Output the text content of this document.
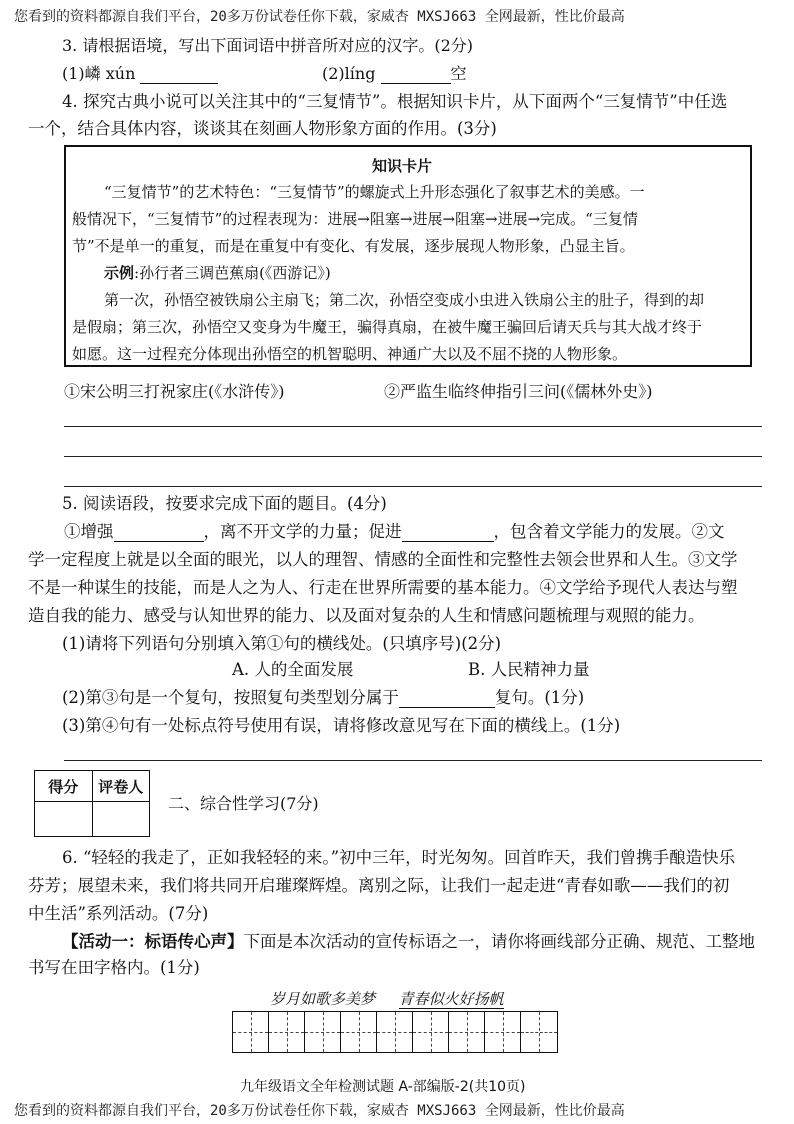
您看到的资料都源自我们平台，20多万份试卷任你下载，家威杏 MXSJ663 全网最新，性比价最高
3. 请根据语境，写出下面词语中拼音所对应的汉字。(2分)
(1)嶙 xún	(2)líng	空
4. 探究古典小说可以关注其中的“三复情节”。根据知识卡片，从下面两个“三复情节”中任选
一个，结合具体内容，谈谈其在刻画人物形象方面的作用。(3分)
知识卡片
“三复情节”的艺术特色：“三复情节”的螺旋式上升形态强化了叙事艺术的美感。一
般情况下，“三复情节”的过程表现为：进展→阻塞→进展→阻塞→进展→完成。“三复情
节”不是单一的重复，而是在重复中有变化、有发展，逐步展现人物形象，凸显主旨。
示例:孙行者三调芭蕉扇(《西游记》)
第一次，孙悟空被铁扇公主扇飞；第二次，孙悟空变成小虫进入铁扇公主的肚子，得到的却
是假扇；第三次，孙悟空又变身为牛魔王，骗得真扇，在被牛魔王骗回后请天兵与其大战才终于
如愿。这一过程充分体现出孙悟空的机智聪明、神通广大以及不屈不挠的人物形象。
①宋公明三打祝家庄(《水浒传》)	②严监生临终伸指引三问(《儒林外史》)
5. 阅读语段，按要求完成下面的题目。(4分)
①增强	，离不开文学的力量；促进	，包含着文学能力的发展。②文
学一定程度上就是以全面的眼光，以人的理智、情感的全面性和完整性去领会世界和人生。③文学
不是一种谋生的技能，而是人之为人、行走在世界所需要的基本能力。④文学给予现代人表达与塑
造自我的能力、感受与认知世界的能力、以及面对复杂的人生和情感问题梳理与观照的能力。
(1)请将下列语句分别填入第①句的横线处。(只填序号)(2分)
A. 人的全面发展	B. 人民精神力量
(2)第③句是一个复句，按照复句类型划分属于	复句。(1分)
(3)第④句有一处标点符号使用有误，请将修改意见写在下面的横线上。(1分)
得分	评卷人

二、综合性学习(7分)
6. “轻轻的我走了，正如我轻轻的来。”初中三年，时光匆匆。回首昨天，我们曾携手酿造快乐
芬芳；展望未来，我们将共同开启璀璨辉煌。离别之际，让我们一起走进“青春如歌——我们的初
中生活”系列活动。(7分)
【活动一：标语传心声】下面是本次活动的宣传标语之一，请你将画线部分正确、规范、工整地
书写在田字格内。(1分)
岁月如歌多美梦 青春似火好扬帆
九年级语文全年检测试题 A-部编版-2(共10页)
您看到的资料都源自我们平台，20多万份试卷任你下载，家威杏 MXSJ663 全网最新，性比价最高
